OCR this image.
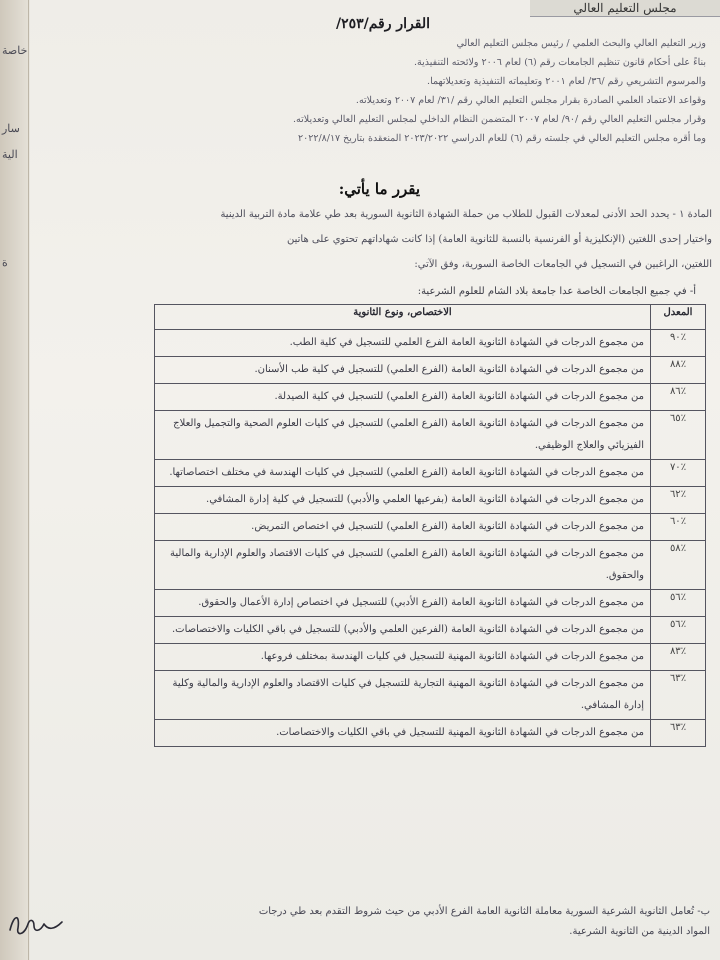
خاصة
سار
الية
ة
مجلس التعليم العالي
القرار رقم/٢٥٣/
وزير التعليم العالي والبحث العلمي / رئيس مجلس التعليم العالي
بناءً على أحكام قانون تنظيم الجامعات رقم (٦) لعام ٢٠٠٦ ولائحته التنفيذية.
والمرسوم التشريعي رقم /٣٦/ لعام ٢٠٠١ وتعليماته التنفيذية وتعديلاتهما.
وقواعد الاعتماد العلمي الصادرة بقرار مجلس التعليم العالي رقم /٣١/ لعام ٢٠٠٧ وتعديلاته.
وقرار مجلس التعليم العالي رقم /٩٠/ لعام ٢٠٠٧ المتضمن النظام الداخلي لمجلس التعليم العالي وتعديلاته.
وما أقره مجلس التعليم العالي في جلسته رقم (٦) للعام الدراسي ٢٠٢٣/٢٠٢٢ المنعقدة بتاريخ ٢٠٢٢/٨/١٧
يقرر ما يأتي:
المادة ١ - يحدد الحد الأدنى لمعدلات القبول للطلاب من حملة الشهادة الثانوية السورية بعد طي علامة مادة التربية الدينية
واختيار إحدى اللغتين (الإنكليزية أو الفرنسية بالنسبة للثانوية العامة) إذا كانت شهاداتهم تحتوي على هاتين
اللغتين، الراغبين في التسجيل في الجامعات الخاصة السورية، وفق الآتي:
أ- في جميع الجامعات الخاصة عدا جامعة بلاد الشام للعلوم الشرعية:
المعدل	الاختصاص، ونوع الثانوية
٪٩٠	من مجموع الدرجات في الشهادة الثانوية العامة الفرع العلمي للتسجيل في كلية الطب.
٪٨٨	من مجموع الدرجات في الشهادة الثانوية العامة (الفرع العلمي) للتسجيل في كلية طب الأسنان.
٪٨٦	من مجموع الدرجات في الشهادة الثانوية العامة (الفرع العلمي) للتسجيل في كلية الصيدلة.
٪٦٥	من مجموع الدرجات في الشهادة الثانوية العامة (الفرع العلمي) للتسجيل في كليات العلوم الصحية والتجميل والعلاج الفيزيائي والعلاج الوظيفي.
٪٧٠	من مجموع الدرجات في الشهادة الثانوية العامة (الفرع العلمي) للتسجيل في كليات الهندسة في مختلف اختصاصاتها.
٪٦٢	من مجموع الدرجات في الشهادة الثانوية العامة (بفرعيها العلمي والأدبي) للتسجيل في كلية إدارة المشافي.
٪٦٠	من مجموع الدرجات في الشهادة الثانوية العامة (الفرع العلمي) للتسجيل في اختصاص التمريض.
٪٥٨	من مجموع الدرجات في الشهادة الثانوية العامة (الفرع العلمي) للتسجيل في كليات الاقتصاد والعلوم الإدارية والمالية والحقوق.
٪٥٦	من مجموع الدرجات في الشهادة الثانوية العامة (الفرع الأدبي) للتسجيل في اختصاص إدارة الأعمال والحقوق.
٪٥٦	من مجموع الدرجات في الشهادة الثانوية العامة (الفرعين العلمي والأدبي) للتسجيل في باقي الكليات والاختصاصات.
٪٨٣	من مجموع الدرجات في الشهادة الثانوية المهنية للتسجيل في كليات الهندسة بمختلف فروعها.
٪٦٣	من مجموع الدرجات في الشهادة الثانوية المهنية التجارية للتسجيل في كليات الاقتصاد والعلوم الإدارية والمالية وكلية إدارة المشافي.
٪٦٣	من مجموع الدرجات في الشهادة الثانوية المهنية للتسجيل في باقي الكليات والاختصاصات.
ب- تُعامل الثانوية الشرعية السورية معاملة الثانوية العامة الفرع الأدبي من حيث شروط التقدم بعد طي درجات
المواد الدينية من الثانوية الشرعية.
